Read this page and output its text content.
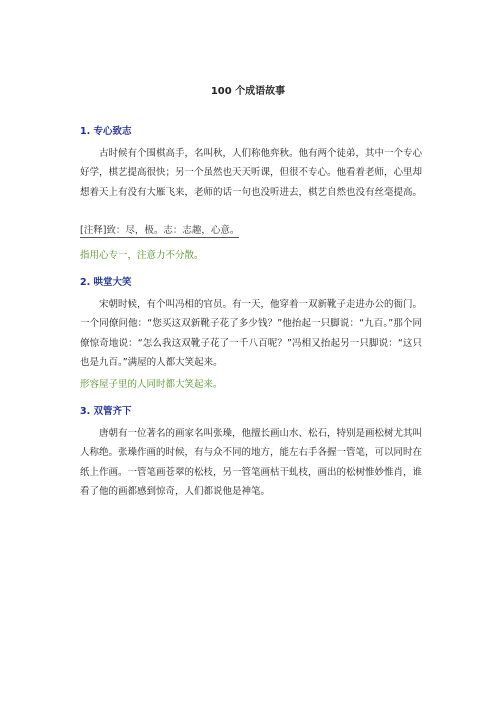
100 个成语故事
1. 专心致志

古时候有个围棋高手，名叫秋，人们称他弈秋。他有两个徒弟，其中一个专心好学，棋艺提高很快；另一个虽然也天天听课，但很不专心。他看着老师，心里却想着天上有没有大雁飞来，老师的话一句也没听进去，棋艺自然也没有丝毫提高。

[注释]致：尽，极。志：志趣，心意。
指用心专一，注意力不分散。
2. 哄堂大笑

宋朝时候，有个叫冯相的官员。有一天，他穿着一双新靴子走进办公的衙门。一个同僚问他：“您买这双新靴子花了多少钱？”他抬起一只脚说：“九百。”那个同僚惊奇地说：“怎么我这双靴子花了一千八百呢？”冯相又抬起另一只脚说：“这只也是九百。”满屋的人都大笑起来。

形容屋子里的人同时都大笑起来。
3. 双管齐下

唐朝有一位著名的画家名叫张璪，他擅长画山水、松石，特别是画松树尤其叫人称绝。张璪作画的时候，有与众不同的地方，能左右手各握一管笔，可以同时在纸上作画。一管笔画苍翠的松枝，另一管笔画枯干虬枝，画出的松树惟妙惟肖，谁看了他的画都感到惊奇，人们都说他是神笔。
